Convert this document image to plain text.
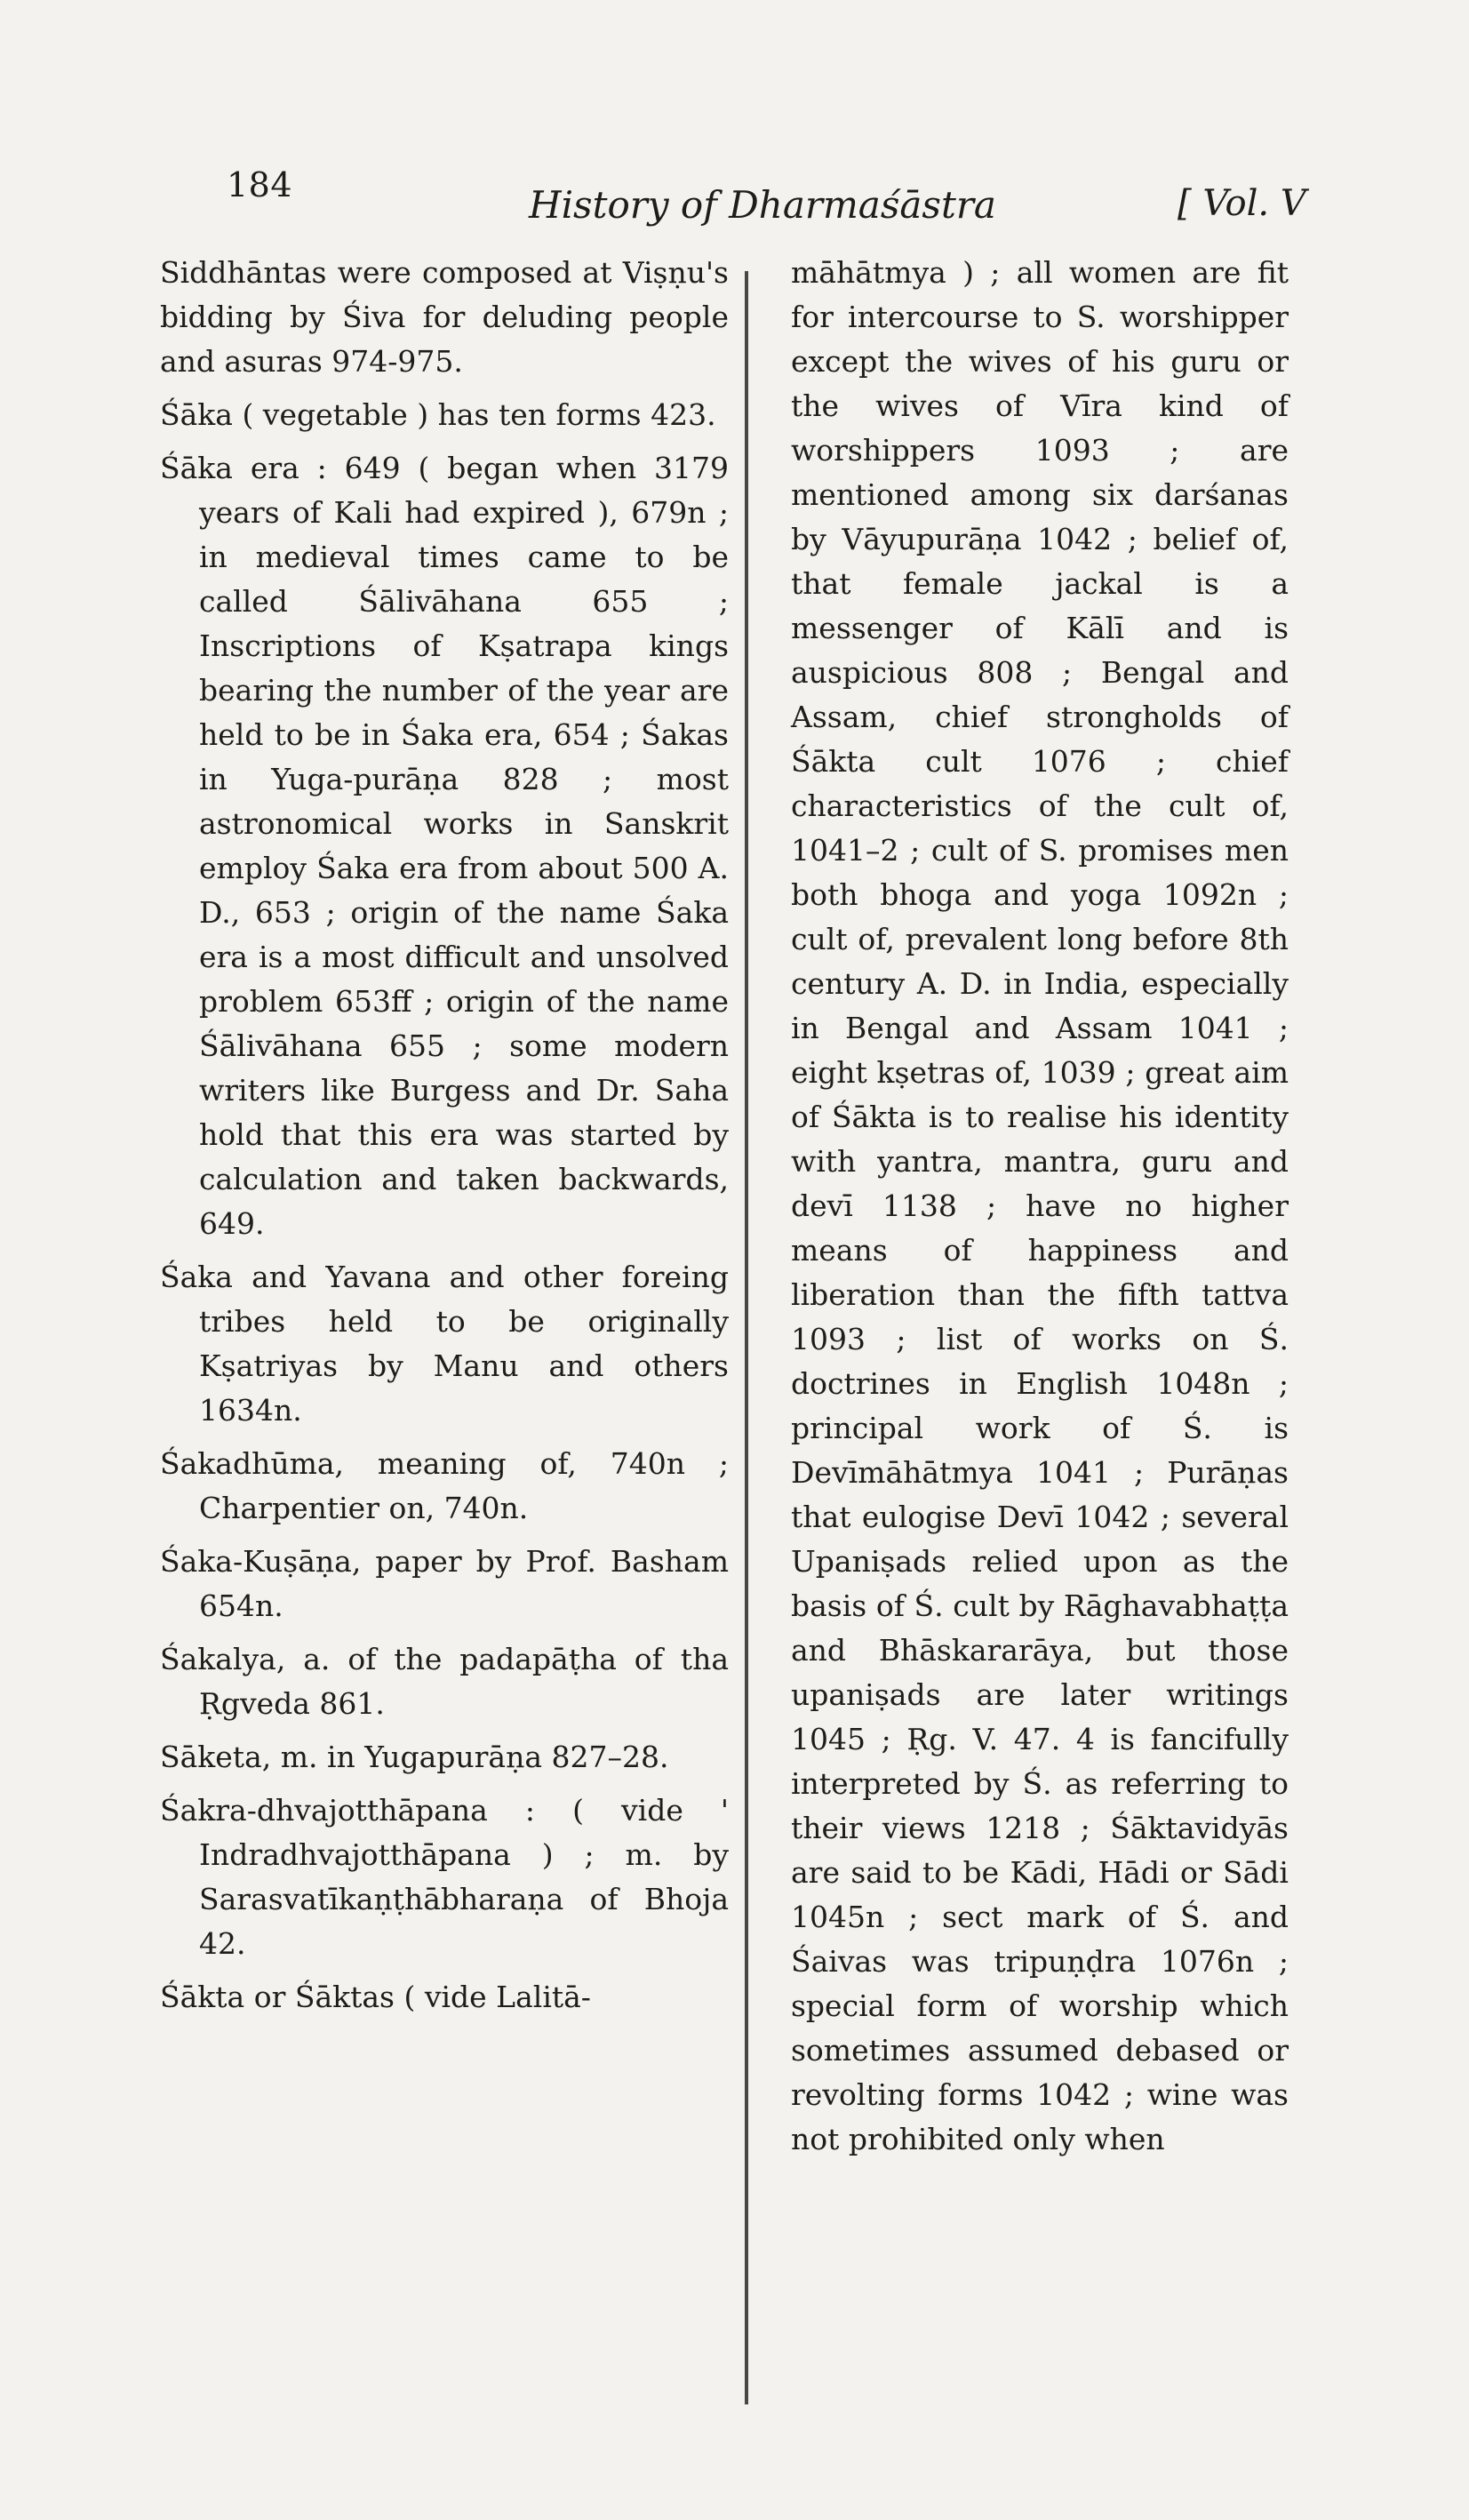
184	History of Dharmaśāstra	[ Vol. V

Siddhāntas were composed at Viṣṇu's bidding by Śiva for deluding people and asuras 974-975.

Śāka ( vegetable ) has ten forms 423.

Śāka era : 649 ( began when 3179 years of Kali had expired ), 679n ; in medieval times came to be called Śālivāhana 655 ; Inscriptions of Kṣatrapa kings bearing the number of the year are held to be in Śaka era, 654 ; Śakas in Yuga-purāṇa 828 ; most astronomical works in Sanskrit employ Śaka era from about 500 A. D., 653 ; origin of the name Śaka era is a most difficult and unsolved problem 653ff ; origin of the name Śālivāhana 655 ; some modern writers like Burgess and Dr. Saha hold that this era was started by calculation and taken backwards, 649.

Śaka and Yavana and other foreing tribes held to be originally Kṣatriyas by Manu and others 1634n.

Śakadhūma, meaning of, 740n ; Charpentier on, 740n.

Śaka-Kuṣāṇa, paper by Prof. Basham 654n.

Śakalya, a. of the padapāṭha of tha Ṛgveda 861.

Sāketa, m. in Yugapurāṇa 827–28.

Śakra-dhvajotthāpana : ( vide ' Indradhvajotthāpana ) ; m. by Sarasvatīkaṇṭhābharaṇa of Bhoja 42.

Śākta or Śāktas ( vide Lalitā-

māhātmya ) ; all women are fit for intercourse to S. worshipper except the wives of his guru or the wives of Vīra kind of worshippers 1093 ; are mentioned among six darśanas by Vāyupurāṇa 1042 ; belief of, that female jackal is a messenger of Kālī and is auspicious 808 ; Bengal and Assam, chief strongholds of Śākta cult 1076 ; chief characteristics of the cult of, 1041–2 ; cult of S. promises men both bhoga and yoga 1092n ; cult of, prevalent long before 8th century A. D. in India, especially in Bengal and Assam 1041 ; eight kṣetras of, 1039 ; great aim of Śākta is to realise his identity with yantra, mantra, guru and devī 1138 ; have no higher means of happiness and liberation than the fifth tattva 1093 ; list of works on Ś. doctrines in English 1048n ; principal work of Ś. is Devīmāhātmya 1041 ; Purāṇas that eulogise Devī 1042 ; several Upaniṣads relied upon as the basis of Ś. cult by Rāghavabhaṭṭa and Bhāskararāya, but those upaniṣads are later writings 1045 ; Ṛg. V. 47. 4 is fancifully interpreted by Ś. as referring to their views 1218 ; Śāktavidyās are said to be Kādi, Hādi or Sādi 1045n ; sect mark of Ś. and Śaivas was tripuṇḍra 1076n ; special form of worship which sometimes assumed debased or revolting forms 1042 ; wine was not prohibited only when
